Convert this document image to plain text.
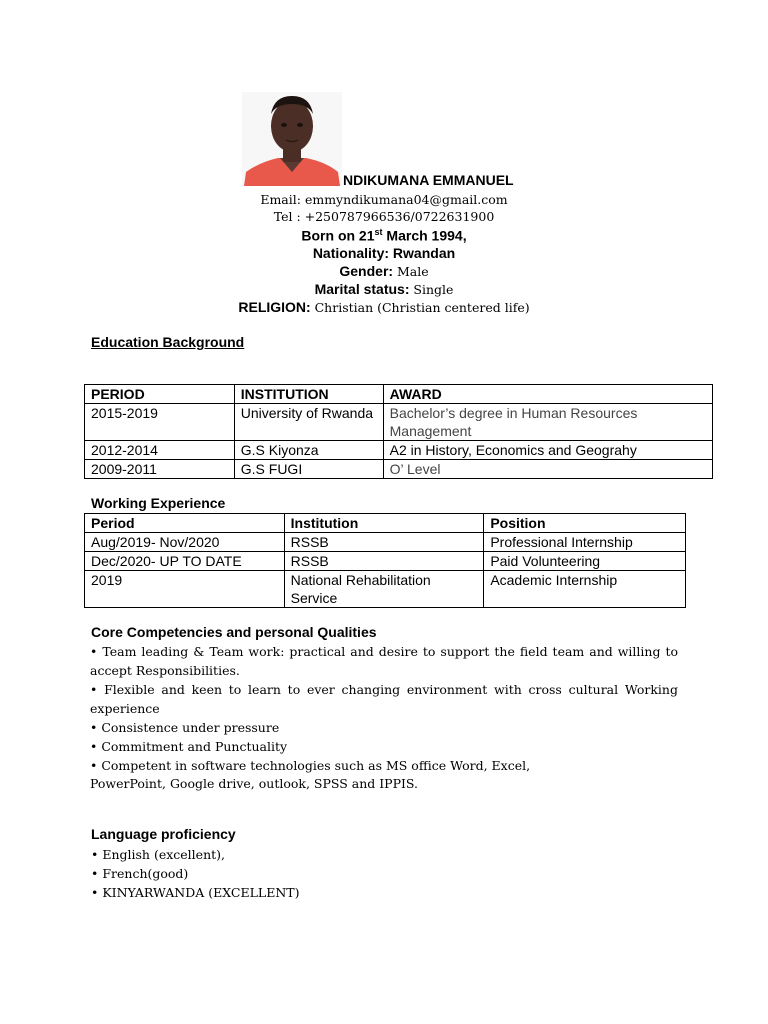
NDIKUMANA EMMANUEL
Email: emmyndikumana04@gmail.com
Tel : +250787966536/0722631900
Born on 21st March 1994,
Nationality: Rwandan
Gender: Male
Marital status: Single
RELIGION: Christian (Christian centered life)
Education Background
PERIOD	INSTITUTION	AWARD
2015-2019	University of Rwanda	Bachelor’s degree in Human Resources Management
2012-2014	G.S Kiyonza	A2 in History, Economics and Geograhy
2009-2011	G.S FUGI	O’ Level
Working Experience
Period	Institution	Position
Aug/2019- Nov/2020	RSSB	Professional Internship
Dec/2020- UP TO DATE	RSSB	Paid Volunteering
2019	National Rehabilitation Service	Academic Internship
Core Competencies and personal Qualities
• Team leading & Team work: practical and desire to support the field team and willing to accept Responsibilities.
• Flexible and keen to learn to ever changing environment with cross cultural Working experience
• Consistence under pressure
• Commitment and Punctuality
• Competent in software technologies such as MS office Word, Excel,
PowerPoint, Google drive, outlook, SPSS and IPPIS.
Language proficiency
• English (excellent),
• French(good)
• KINYARWANDA (EXCELLENT)
